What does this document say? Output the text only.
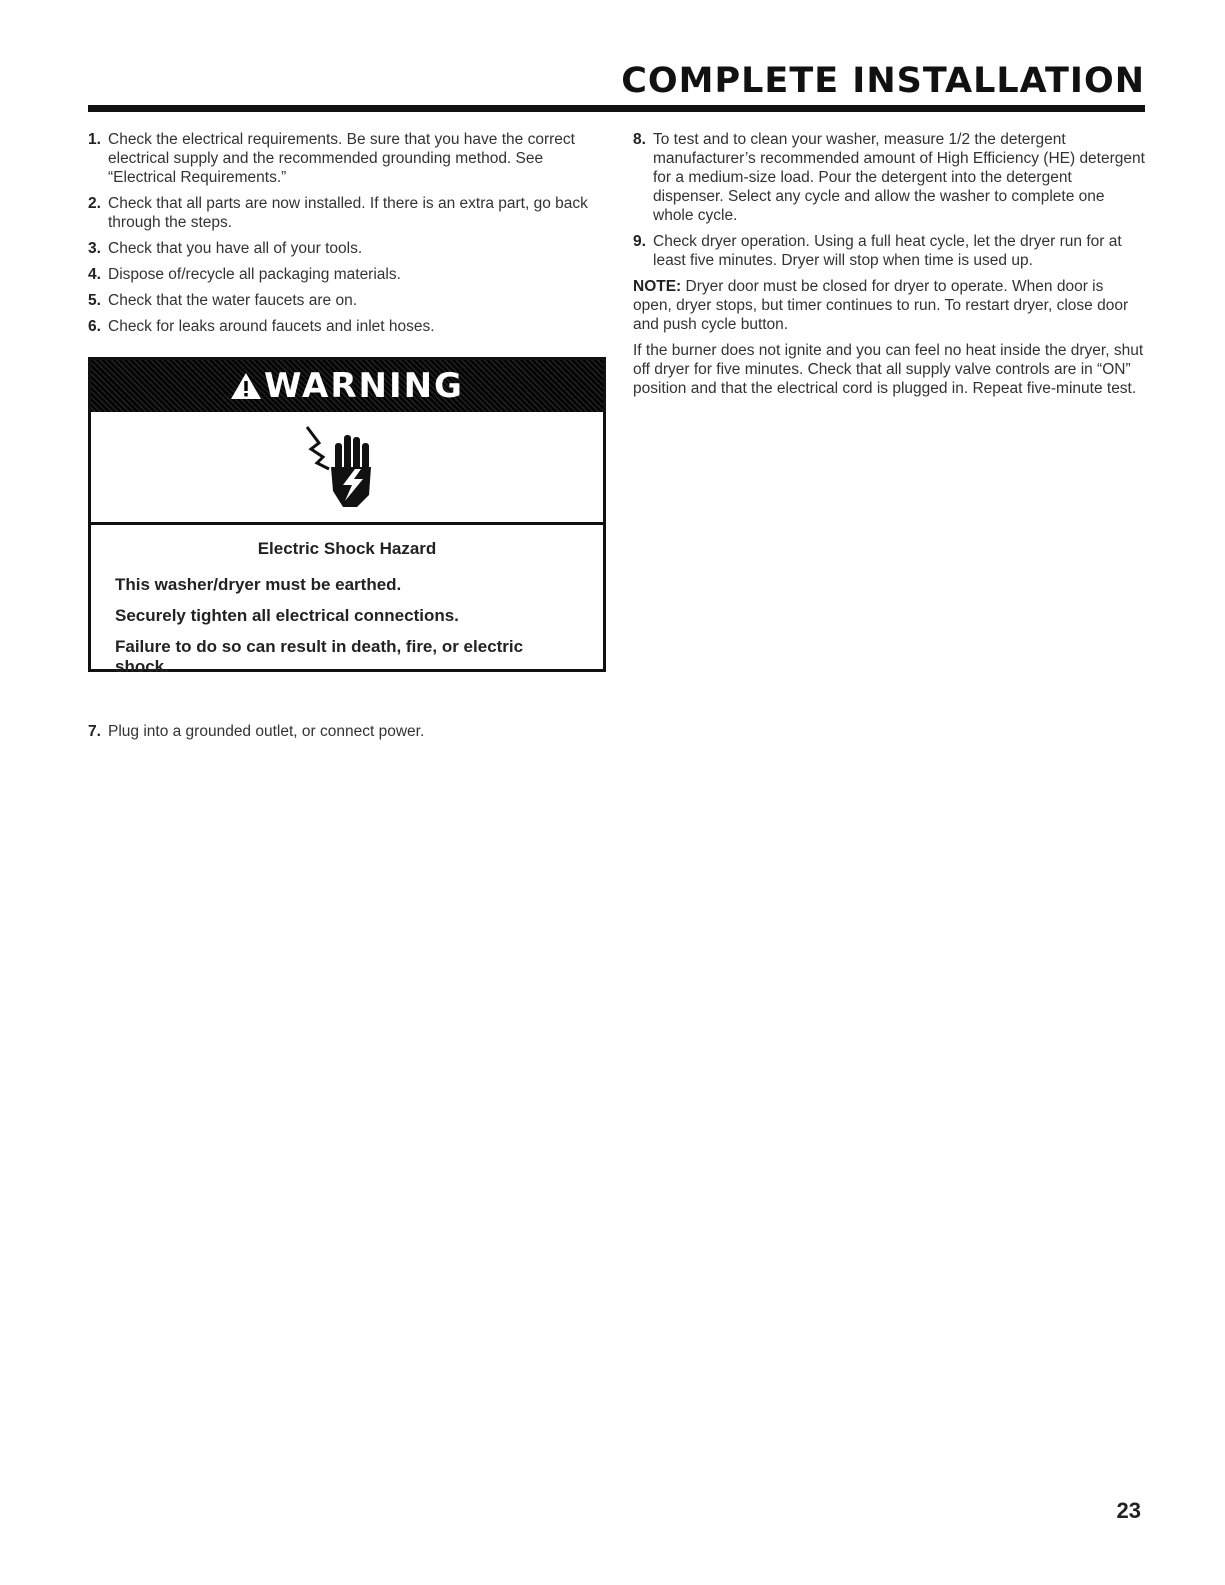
COMPLETE INSTALLATION
1. Check the electrical requirements. Be sure that you have the correct electrical supply and the recommended grounding method. See “Electrical Requirements.”
2. Check that all parts are now installed. If there is an extra part, go back through the steps.
3. Check that you have all of your tools.
4. Dispose of/recycle all packaging materials.
5. Check that the water faucets are on.
6. Check for leaks around faucets and inlet hoses.
WARNING

Electric Shock Hazard

This washer/dryer must be earthed.

Securely tighten all electrical connections.

Failure to do so can result in death, fire, or electric shock.

7. Plug into a grounded outlet, or connect power.
8. To test and to clean your washer, measure 1/2 the detergent manufacturer’s recommended amount of High Efficiency (HE) detergent for a medium-size load. Pour the detergent into the detergent dispenser. Select any cycle and allow the washer to complete one whole cycle.
9. Check dryer operation. Using a full heat cycle, let the dryer run for at least five minutes. Dryer will stop when time is used up.

NOTE: Dryer door must be closed for dryer to operate. When door is open, dryer stops, but timer continues to run. To restart dryer, close door and push cycle button.

If the burner does not ignite and you can feel no heat inside the dryer, shut off dryer for five minutes. Check that all supply valve controls are in “ON” position and that the electrical cord is plugged in. Repeat five-minute test.

23
